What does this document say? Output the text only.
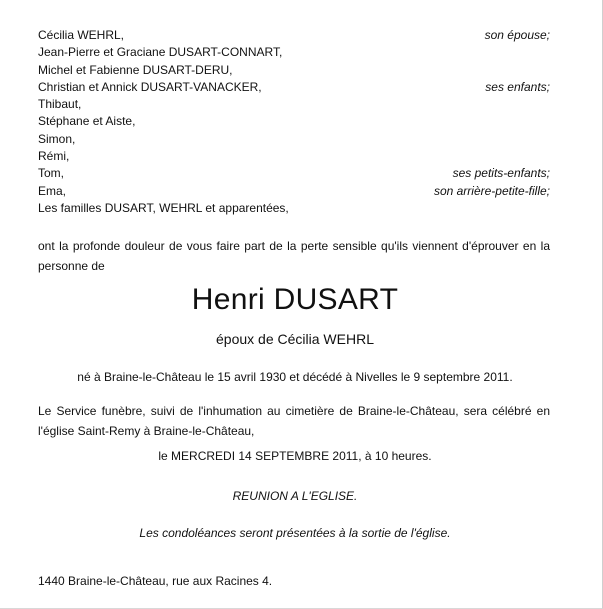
Cécilia WEHRL,	son épouse;
Jean-Pierre et Graciane DUSART-CONNART,
Michel et Fabienne DUSART-DERU,
Christian et Annick DUSART-VANACKER,	ses enfants;
Thibaut,
Stéphane et Aiste,
Simon,
Rémi,
Tom,	ses petits-enfants;
Ema,	son arrière-petite-fille;
Les familles DUSART, WEHRL et apparentées,
ont la profonde douleur de vous faire part de la perte sensible qu'ils viennent d'éprouver en la personne de
Henri DUSART
époux de Cécilia WEHRL
né à Braine-le-Château le 15 avril 1930 et décédé à Nivelles le 9 septembre 2011.
Le Service funèbre, suivi de l'inhumation au cimetière de Braine-le-Château, sera célébré en l'église Saint-Remy à Braine-le-Château,
le MERCREDI 14 SEPTEMBRE 2011, à 10 heures.
REUNION A L'EGLISE.
Les condoléances seront présentées à la sortie de l'église.
1440 Braine-le-Château, rue aux Racines 4.
